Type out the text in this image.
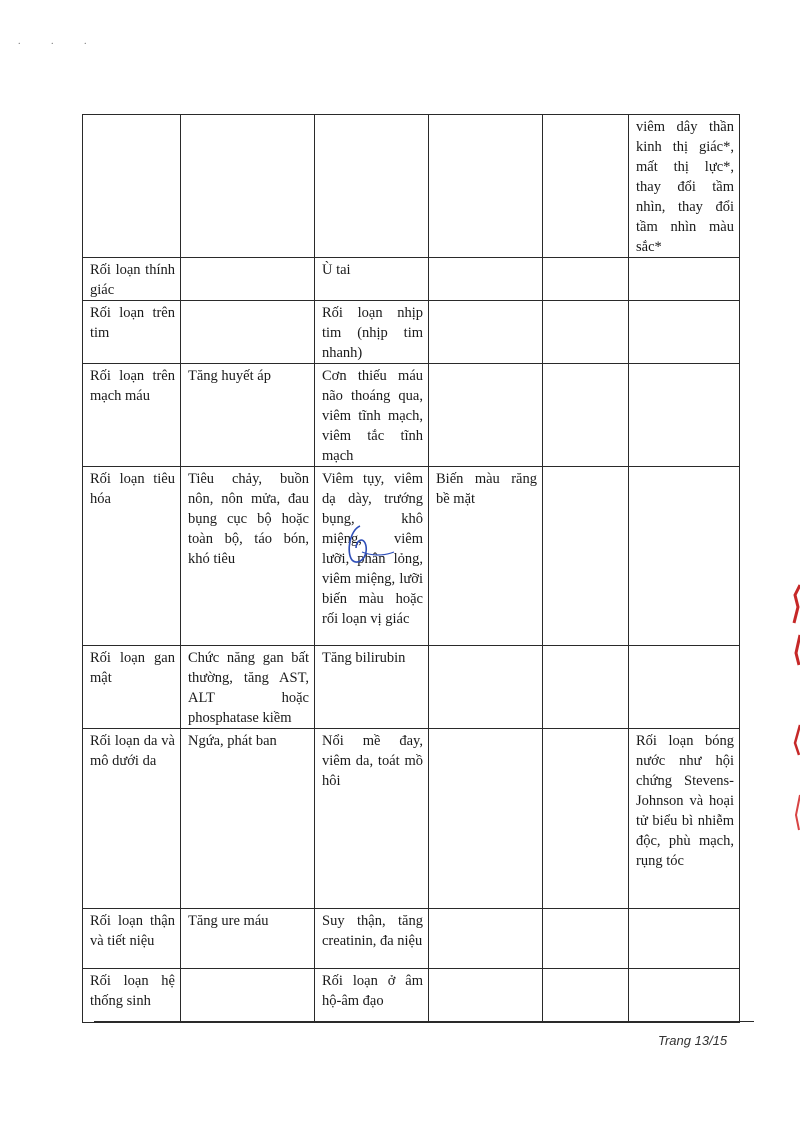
. . .
					viêm dây thần kinh thị giác*, mất thị lực*, thay đổi tầm nhìn, thay đổi tầm nhìn màu sắc*
Rối loạn thính giác		Ù tai			
Rối loạn trên tim		Rối loạn nhịp tim (nhịp tim nhanh)			
Rối loạn trên mạch máu	Tăng huyết áp	Cơn thiếu máu não thoáng qua, viêm tĩnh mạch, viêm tắc tĩnh mạch			
Rối loạn tiêu hóa	Tiêu chảy, buồn nôn, nôn mửa, đau bụng cục bộ hoặc toàn bộ, táo bón, khó tiêu	Viêm tụy, viêm dạ dày, trướng bụng, khô miệng, viêm lưỡi, phân lỏng, viêm miệng, lưỡi biến màu hoặc rối loạn vị giác	Biến màu răng bề mặt		
Rối loạn gan mật	Chức năng gan bất thường, tăng AST, ALT hoặc phosphatase kiềm	Tăng bilirubin			
Rối loạn da và mô dưới da	Ngứa, phát ban	Nổi mề đay, viêm da, toát mồ hôi			Rối loạn bóng nước như hội chứng Stevens-Johnson và hoại tử biểu bì nhiễm độc, phù mạch, rụng tóc
Rối loạn thận và tiết niệu	Tăng ure máu	Suy thận, tăng creatinin, đa niệu			
Rối loạn hệ thống sinh		Rối loạn ở âm hộ-âm đạo			
Trang 13/15
